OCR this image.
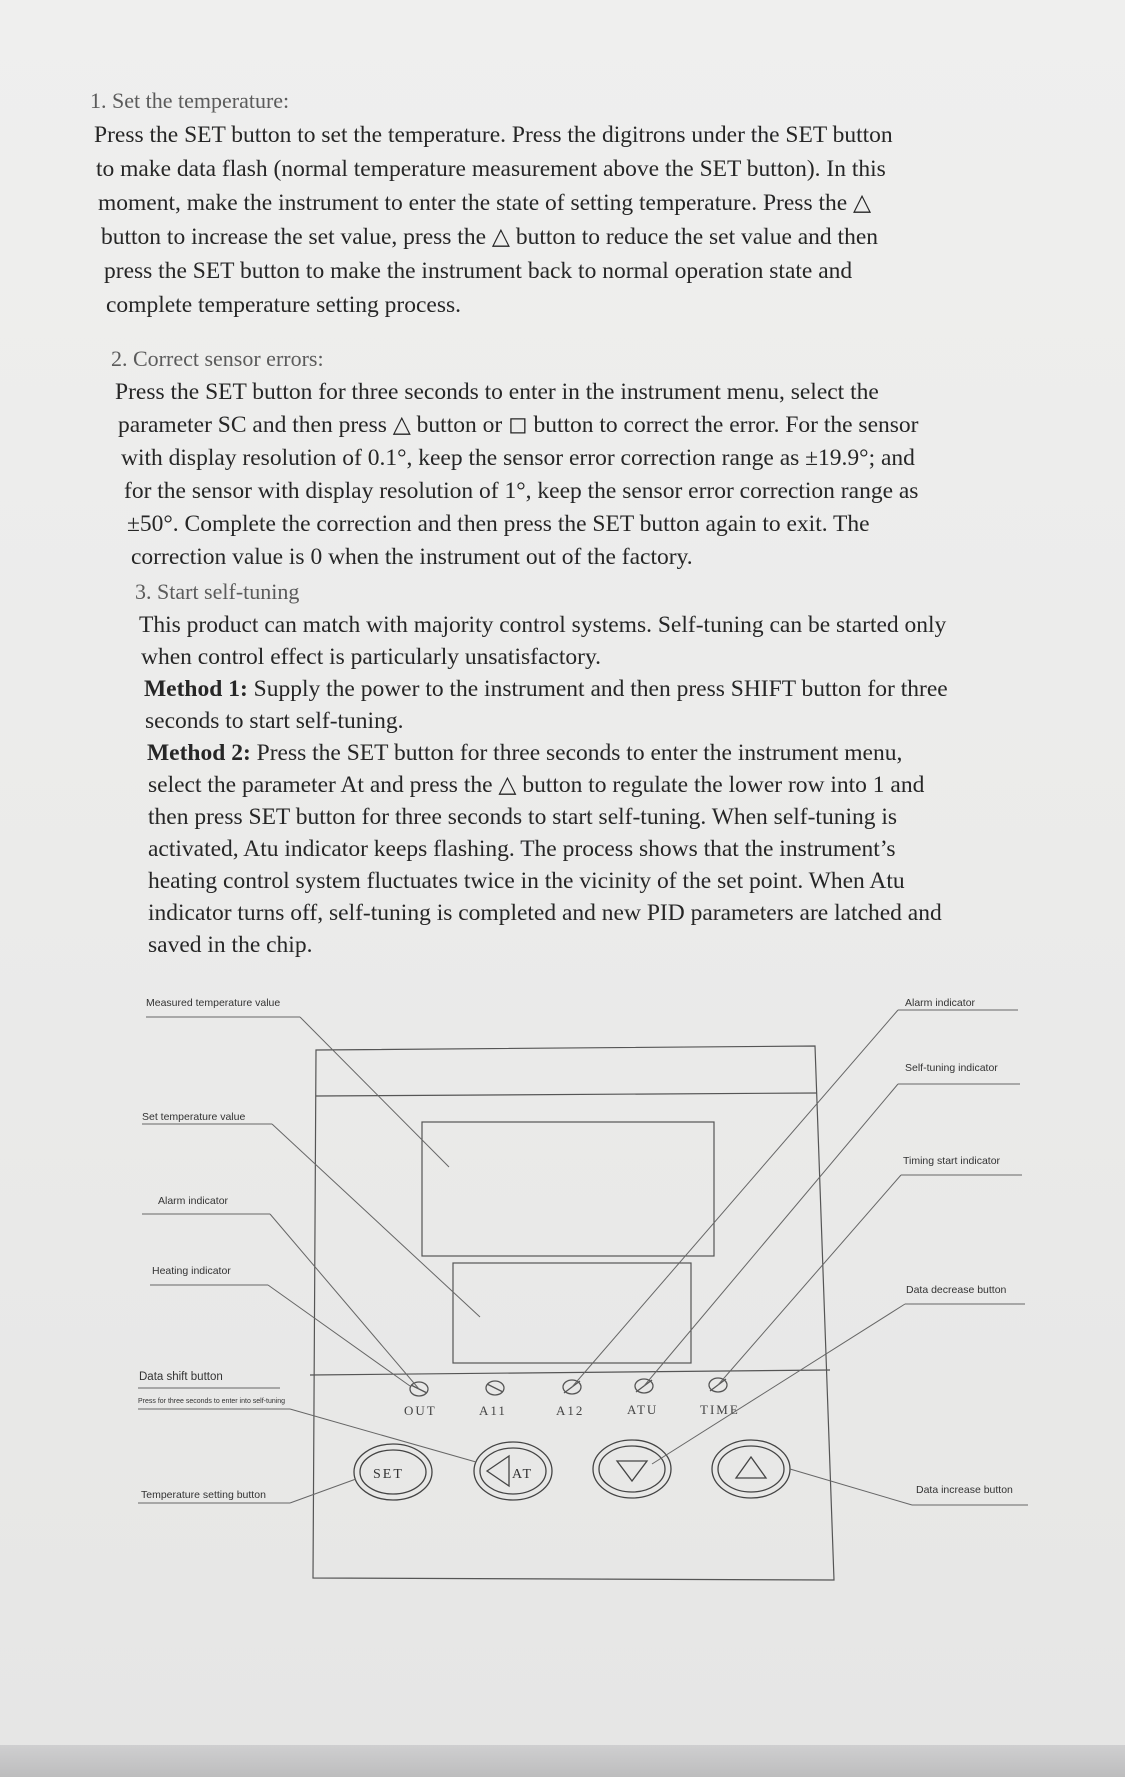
1. Set the temperature:
Press the SET button to set the temperature. Press the digitrons under the SET button
to make data flash (normal temperature measurement above the SET button). In this
moment, make the instrument to enter the state of setting temperature. Press the △
button to increase the set value, press the △ button to reduce the set value and then
press the SET button to make the instrument back to normal operation state and
complete temperature setting process.
2. Correct sensor errors:
Press the SET button for three seconds to enter in the instrument menu, select the
parameter SC and then press △ button or ◻ button to correct the error. For the sensor
with display resolution of 0.1°, keep the sensor error correction range as ±19.9°; and
for the sensor with display resolution of 1°, keep the sensor error correction range as
±50°. Complete the correction and then press the SET button again to exit. The
correction value is 0 when the instrument out of the factory.
3. Start self-tuning
This product can match with majority control systems. Self-tuning can be started only
when control effect is particularly unsatisfactory.
Method 1: Supply the power to the instrument and then press SHIFT button for three
seconds to start self-tuning.
Method 2: Press the SET button for three seconds to enter the instrument menu,
select the parameter At and press the △ button to regulate the lower row into 1 and
then press SET button for three seconds to start self-tuning. When self-tuning is
activated, Atu indicator keeps flashing. The process shows that the instrument’s
heating control system fluctuates twice in the vicinity of the set point. When Atu
indicator turns off, self-tuning is completed and new PID parameters are latched and
saved in the chip.
OUT	A11	A12	ATU	TIME
SET	AT
Measured temperature value
Set temperature value
Alarm indicator
Heating indicator
Data shift button
Press for three seconds to enter into self-tuning
Temperature setting button
Alarm indicator
Self-tuning indicator
Timing start indicator
Data decrease button
Data increase button
